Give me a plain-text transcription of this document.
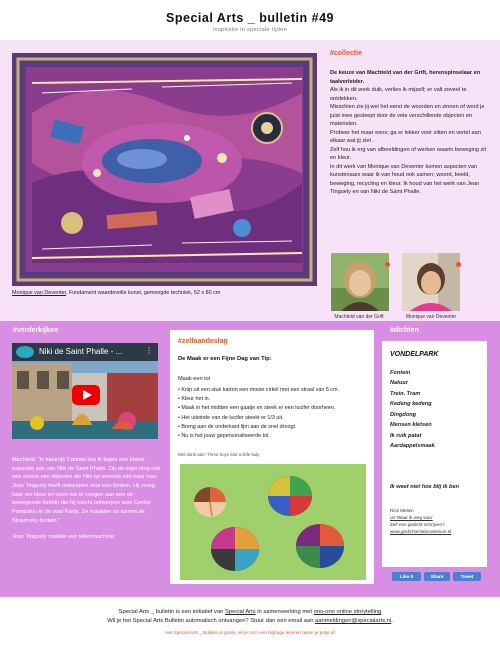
Special Arts _ bulletin #49
inspiratie in speciale tijden
Monique van Deventer, Fundament waardevolle kunst, gemengde techniek, 52 x 80 cm
#collectie

De keuze van Machteld van der Grift, herenspinselaar en taalverleider.

Als ik in dit werk duik, verlies ik mijzelf; er valt zoveel te ontdekken.

Misschien zie jij wel het eerst de woorden en zinnen of word je juist mee gesleept door de vele verschillende objecten en materialen.

Probeer het maar eens; ga er lekker voor zitten en vertel aan elkaar wat jij ziet .

Zelf hou ik erg van afbeeldingen of werken waarin beweging zit en kleur.

In dit werk van Monique van Deventer komen aspecten van kunstenaars waar ik van houd ook samen; woord, beeld, beweging, recycling en kleur. Ik houd van het werk van Jean Tinguely en van Niki de Saint Phalle.

Machteld van der Grift	Monique van Deventer
#verderkijken
Niki de Saint Phalle - ...	⋮

Machteld: “In kleurrijk Cannes liep ik tegen een kleine expositie aan van Niki de Saint Phalle. Op de expo hing ook een schets van objecten die Niki op verzoek van haar man Jean Tinguely heeft ontworpen voor een fontein. Hij vroeg haar om kleur en vorm toe te voegen aan een de bewegende fontein die hij mocht ontwerpen voor Centre Pompidou in de stad Parijs. Ze maakten zo samen de Stravinsky-fontein.”

Jean Tinguely maakte een tekenmachine.

#zelfaandeslag
De Maak er een Fijne Dag van Tip:
Maak een tol
• Knip uit een stuk karton een mooie cirkel met een straal van 5 cm.
• Kleur het in.
• Maak in het midden een gaatje en steek er een lucifer doorheen.
• Het uiteinde van de lucifer steekt er 1/3 uit.
• Breng aan de onderkant lijm aan de snel droogt.
• Nu is het jouw gepersonaliseerde tol.
Met dank aan: Three boys and a little lady
#dichten
VONDELPARK
Fontein
Natuur
Trein, Tram
Kedeng kedeng
Dingdong
Mensen kletsen
Ik ruik patat
Aardappelsmaak
Ik weet niet hoe blij ik ben
Rick Melein
uit 'Waar ik weg waa'
Zelf een gedicht schrijven?
www.gedichtenlaboratorium.nl
Like 0	Share	Tweet
Special Arts _ bulletin is een initiatief van Special Arts in samenwerking met ono-ono online storytelling
Wil je het Special Arts Bulletin automatisch ontvangen? Stuur dan een email aan aanmeldingen@specialarts.nl.
Het Special Arts _ Bulletin is gratis, wil je toch een bijdrage leveren neem je petje af
